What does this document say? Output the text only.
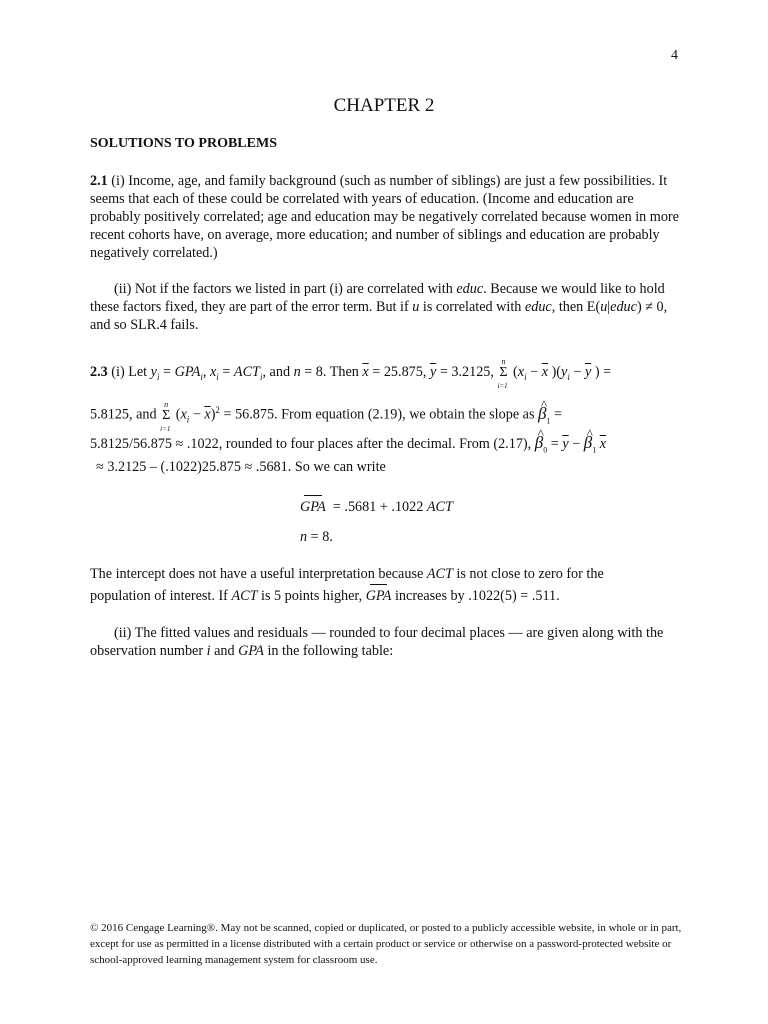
4
CHAPTER 2
SOLUTIONS TO PROBLEMS
2.1 (i) Income, age, and family background (such as number of siblings) are just a few possibilities. It seems that each of these could be correlated with years of education. (Income and education are probably positively correlated; age and education may be negatively correlated because women in more recent cohorts have, on average, more education; and number of siblings and education are probably negatively correlated.)
(ii) Not if the factors we listed in part (i) are correlated with educ. Because we would like to hold these factors fixed, they are part of the error term. But if u is correlated with educ, then E(u|educ) ≠ 0, and so SLR.4 fails.
2.3 (i) Let $y_i = GPA_i$, $x_i = ACT_i$, and n = 8. Then $\overline{x} = 25.875$, $\overline{y} = 3.2125$,
n
Σ
i=1
($x_i - \overline{x}$ )($y_i - \overline{y}$ ) =
5.8125, and
n
Σ
i=1
$(x_i - \overline{x})^2 = 56.875$. From equation (2.19), we obtain the slope as ^ $\beta_1$ =
5.8125/56.875 ≈ .1022, rounded to four places after the decimal. From (2.17), ^ $\beta_0 = \overline{y}$ − ^ $\beta_1$ $\overline{x}$
≈ 3.2125 – (.1022)25.875 ≈ .5681. So we can write
GPA = .5681 + .1022 ACT
n = 8.
The intercept does not have a useful interpretation because ACT is not close to zero for the
population of interest. If ACT is 5 points higher, GPA increases by .1022(5) = .511.
(ii) The fitted values and residuals — rounded to four decimal places — are given along with the observation number i and GPA in the following table:
© 2016 Cengage Learning®. May not be scanned, copied or duplicated, or posted to a publicly accessible website, in whole or in part, except for use as permitted in a license distributed with a certain product or service or otherwise on a password-protected website or school-approved learning management system for classroom use.
